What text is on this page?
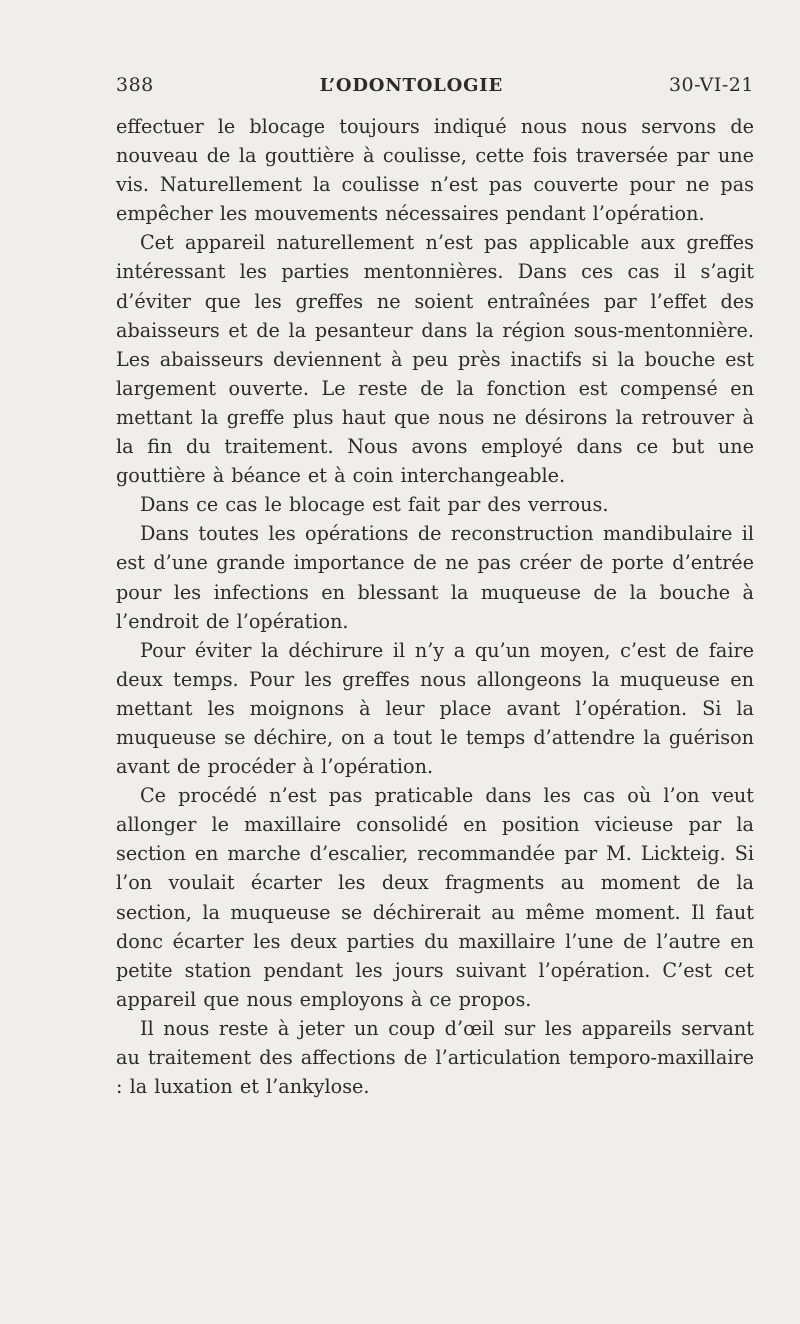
388	L’ODONTOLOGIE	30-VI-21

effectuer le blocage toujours indiqué nous nous servons de nouveau de la gouttière à coulisse, cette fois traversée par une vis. Naturellement la coulisse n’est pas couverte pour ne pas empêcher les mouvements nécessaires pendant l’opération.

Cet appareil naturellement n’est pas applicable aux greffes intéressant les parties mentonnières. Dans ces cas il s’agit d’éviter que les greffes ne soient entraînées par l’effet des abaisseurs et de la pesanteur dans la région sous-mentonnière. Les abaisseurs deviennent à peu près inactifs si la bouche est largement ouverte. Le reste de la fonction est compensé en mettant la greffe plus haut que nous ne désirons la retrouver à la fin du traitement. Nous avons employé dans ce but une gouttière à béance et à coin interchangeable.

Dans ce cas le blocage est fait par des verrous.

Dans toutes les opérations de reconstruction mandibulaire il est d’une grande importance de ne pas créer de porte d’entrée pour les infections en blessant la muqueuse de la bouche à l’endroit de l’opération.

Pour éviter la déchirure il n’y a qu’un moyen, c’est de faire deux temps. Pour les greffes nous allongeons la muqueuse en mettant les moignons à leur place avant l’opération. Si la muqueuse se déchire, on a tout le temps d’attendre la guérison avant de procéder à l’opération.

Ce procédé n’est pas praticable dans les cas où l’on veut allonger le maxillaire consolidé en position vicieuse par la section en marche d’escalier, recommandée par M. Lickteig. Si l’on voulait écarter les deux fragments au moment de la section, la muqueuse se déchirerait au même moment. Il faut donc écarter les deux parties du maxillaire l’une de l’autre en petite station pendant les jours suivant l’opération. C’est cet appareil que nous employons à ce propos.

Il nous reste à jeter un coup d’œil sur les appareils servant au traitement des affections de l’articulation temporo-maxillaire : la luxation et l’ankylose.
